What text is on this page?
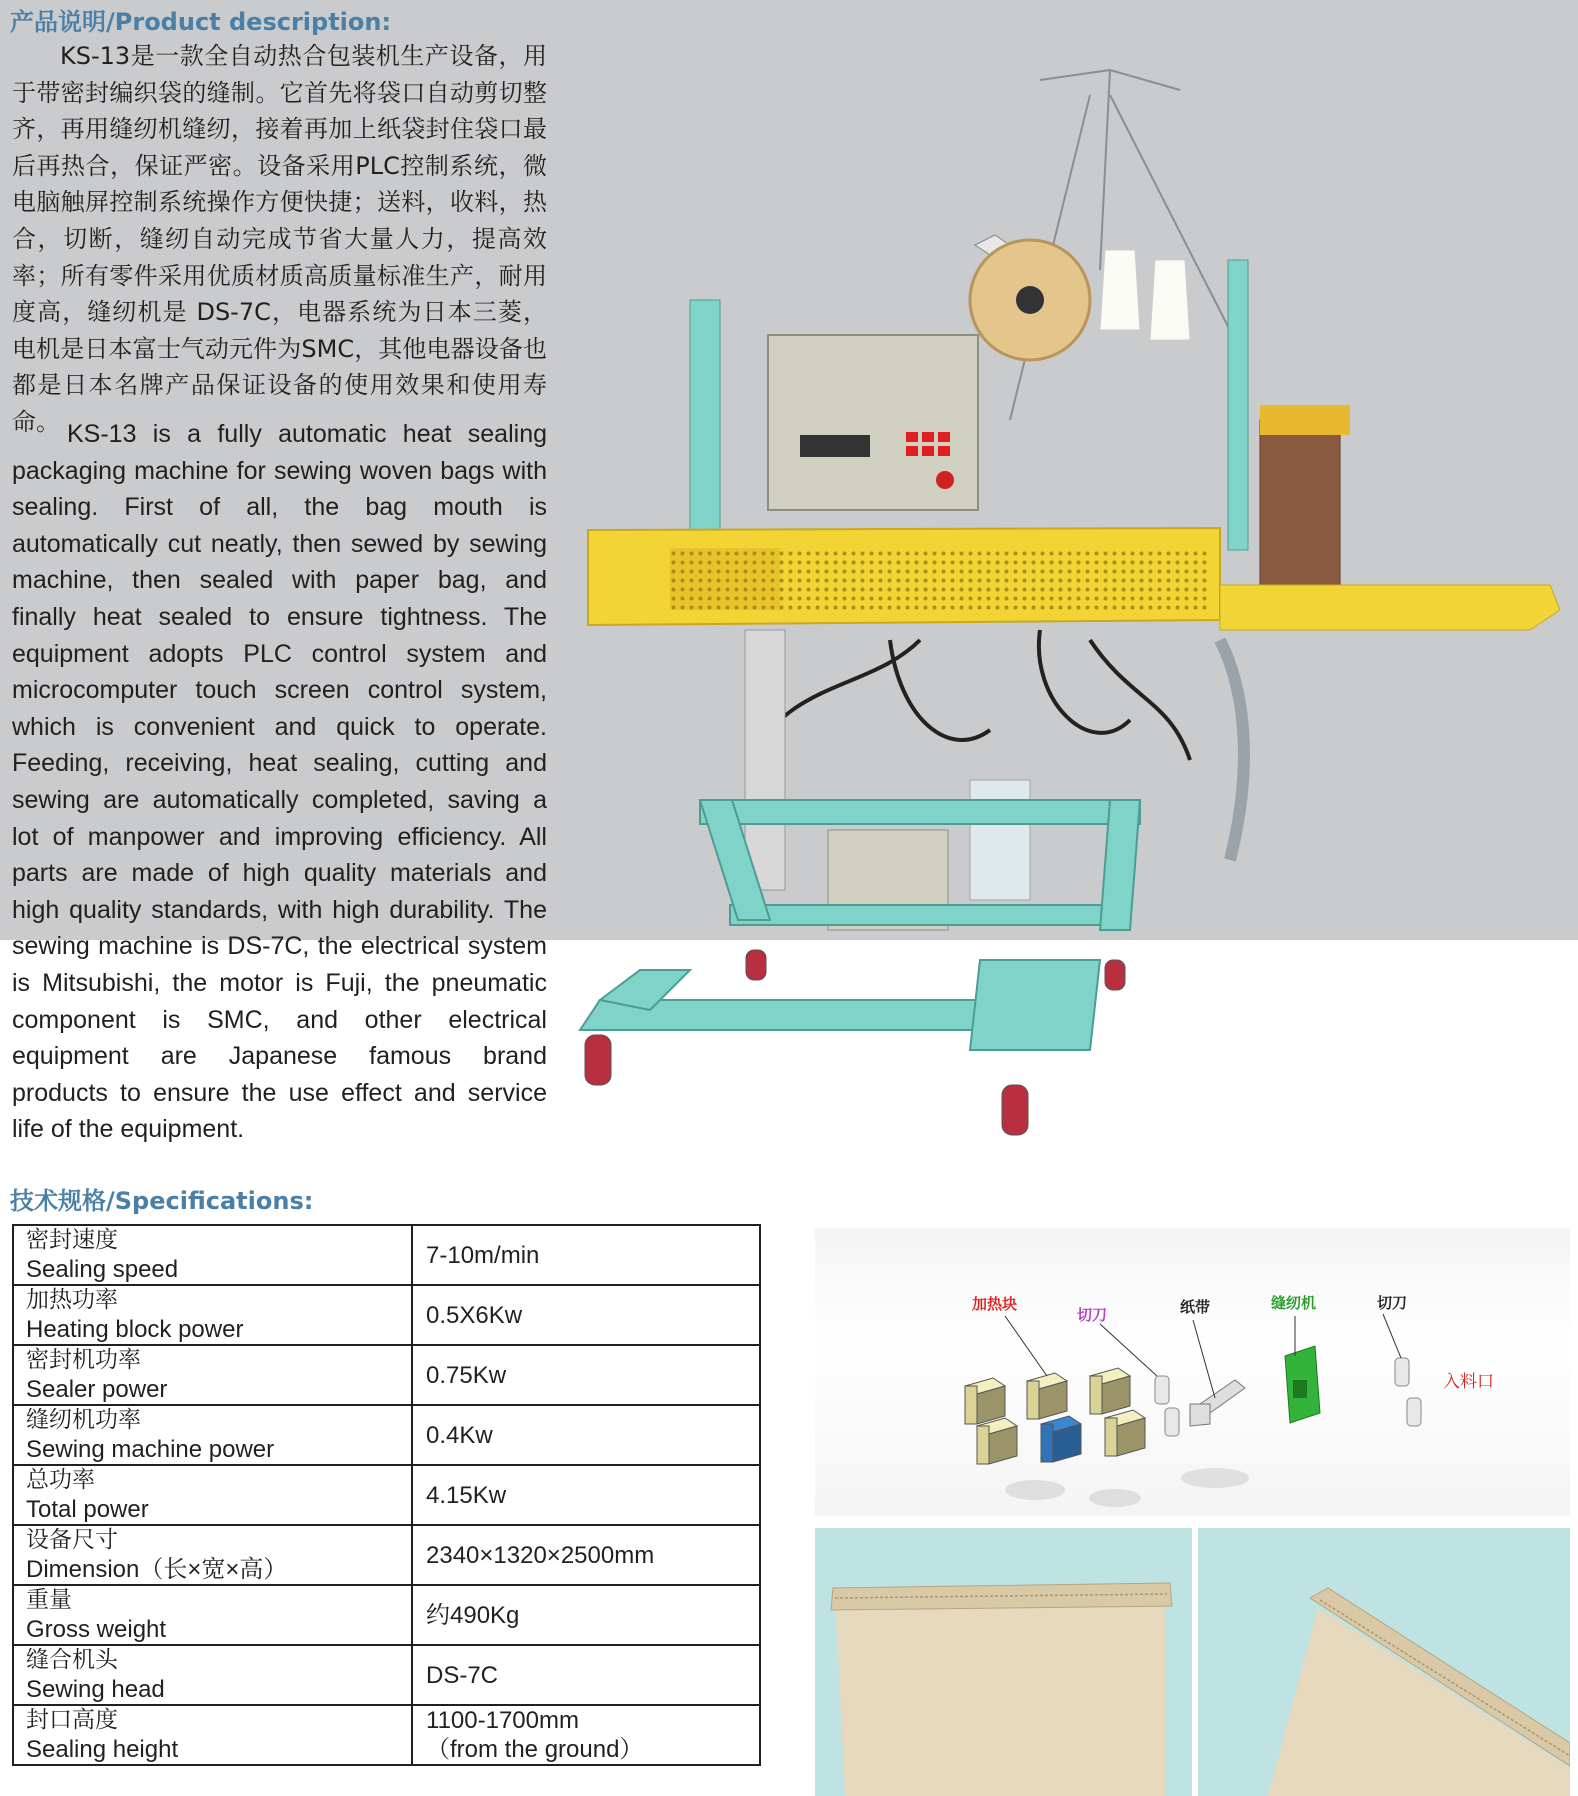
产品说明/Product description:
KS-13是一款全自动热合包装机生产设备，用于带密封编织袋的缝制。它首先将袋口自动剪切整齐，再用缝纫机缝纫，接着再加上纸袋封住袋口最后再热合，保证严密。设备采用PLC控制系统，微电脑触屏控制系统操作方便快捷；送料，收料，热合，切断，缝纫自动完成节省大量人力，提高效率；所有零件采用优质材质高质量标准生产，耐用度高，缝纫机是 DS-7C，电器系统为日本三菱，电机是日本富士气动元件为SMC，其他电器设备也都是日本名牌产品保证设备的使用效果和使用寿命。 KS-13 is a fully automatic heat sealing packaging machine for sewing woven bags with sealing. First of all, the bag mouth is automatically cut neatly, then sewed by sewing machine, then sealed with paper bag, and finally heat sealed to ensure tightness. The equipment adopts PLC control system and microcomputer touch screen control system, which is convenient and quick to operate. Feeding, receiving, heat sealing, cutting and sewing are automatically completed, saving a lot of manpower and improving efficiency. All parts are made of high quality materials and high quality standards, with high durability. The sewing machine is DS-7C, the electrical system is Mitsubishi, the motor is Fuji, the pneumatic component is SMC, and other electrical equipment are Japanese famous brand products to ensure the use effect and service life of the equipment.
技术规格/Specifications:
密封速度
Sealing speed	7-10m/min

加热功率
Heating block power	0.5X6Kw

密封机功率
Sealer power	0.75Kw

缝纫机功率
Sewing machine power	0.4Kw

总功率
Total power	4.15Kw

设备尺寸
Dimension（长×宽×高）	2340×1320×2500mm

重量
Gross weight	约490Kg

缝合机头
Sewing head	DS-7C

封口高度
Sealing height	1100-1700mm
（from the ground）
加热块
切刀	纸带	缝纫机	切刀
入料口
